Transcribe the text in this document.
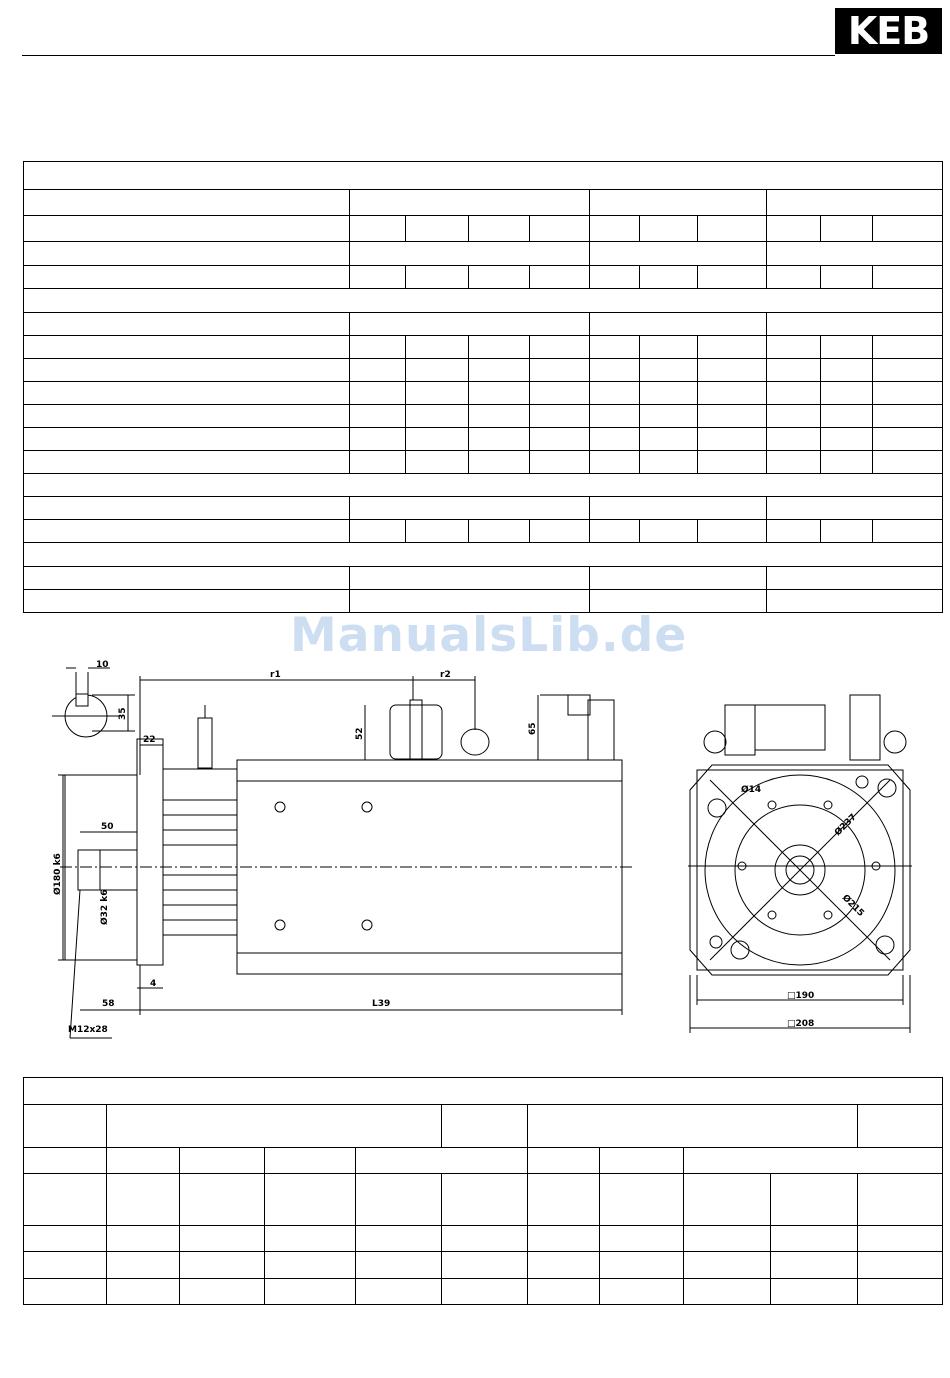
KEB

ManualsLib.de
10
35
22
r1	r2
52	65
50
Ø180 k6
Ø32 k6
4
58	L39
M12x28
Ø14
Ø237
Ø215
□190
□208
